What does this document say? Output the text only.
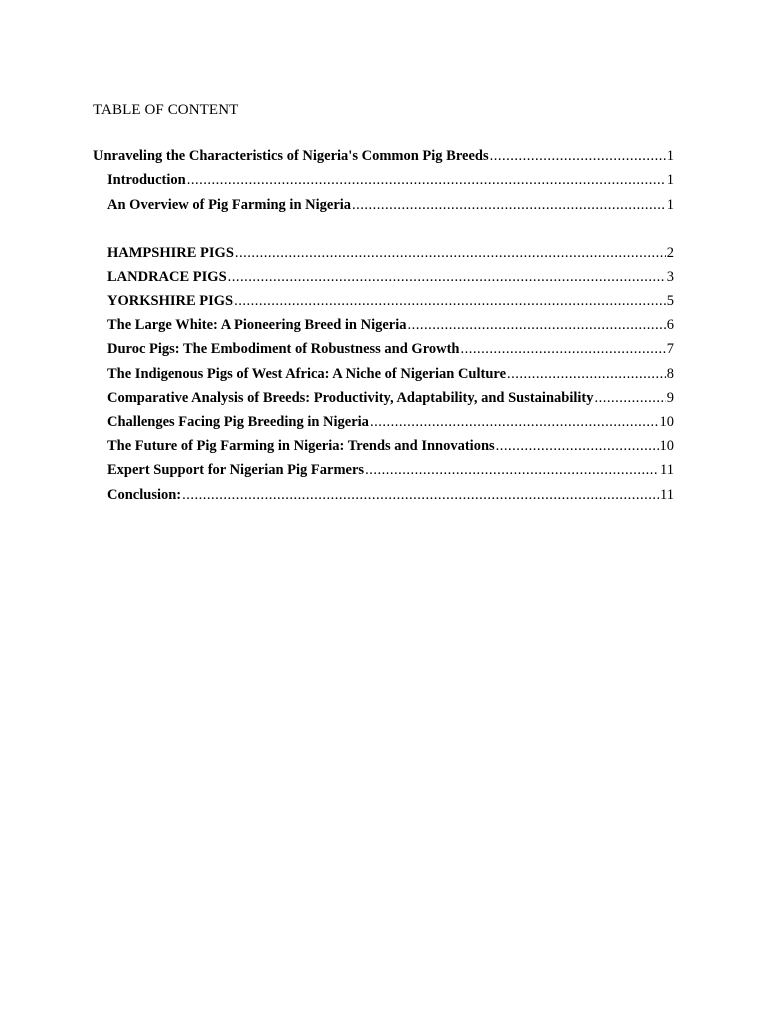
TABLE OF CONTENT
Unraveling the Characteristics of Nigeria's Common Pig Breeds .....	1
Introduction .....	1
An Overview of Pig Farming in Nigeria .....	1
HAMPSHIRE PIGS .....	2
LANDRACE PIGS .....	3
YORKSHIRE PIGS .....	5
The Large White: A Pioneering Breed in Nigeria .....	6
Duroc Pigs: The Embodiment of Robustness and Growth .....	7
The Indigenous Pigs of West Africa: A Niche of Nigerian Culture .....	8
Comparative Analysis of Breeds: Productivity, Adaptability, and Sustainability .....	9
Challenges Facing Pig Breeding in Nigeria .....	10
The Future of Pig Farming in Nigeria: Trends and Innovations .....	10
Expert Support for Nigerian Pig Farmers .....	11
Conclusion: .....	11
